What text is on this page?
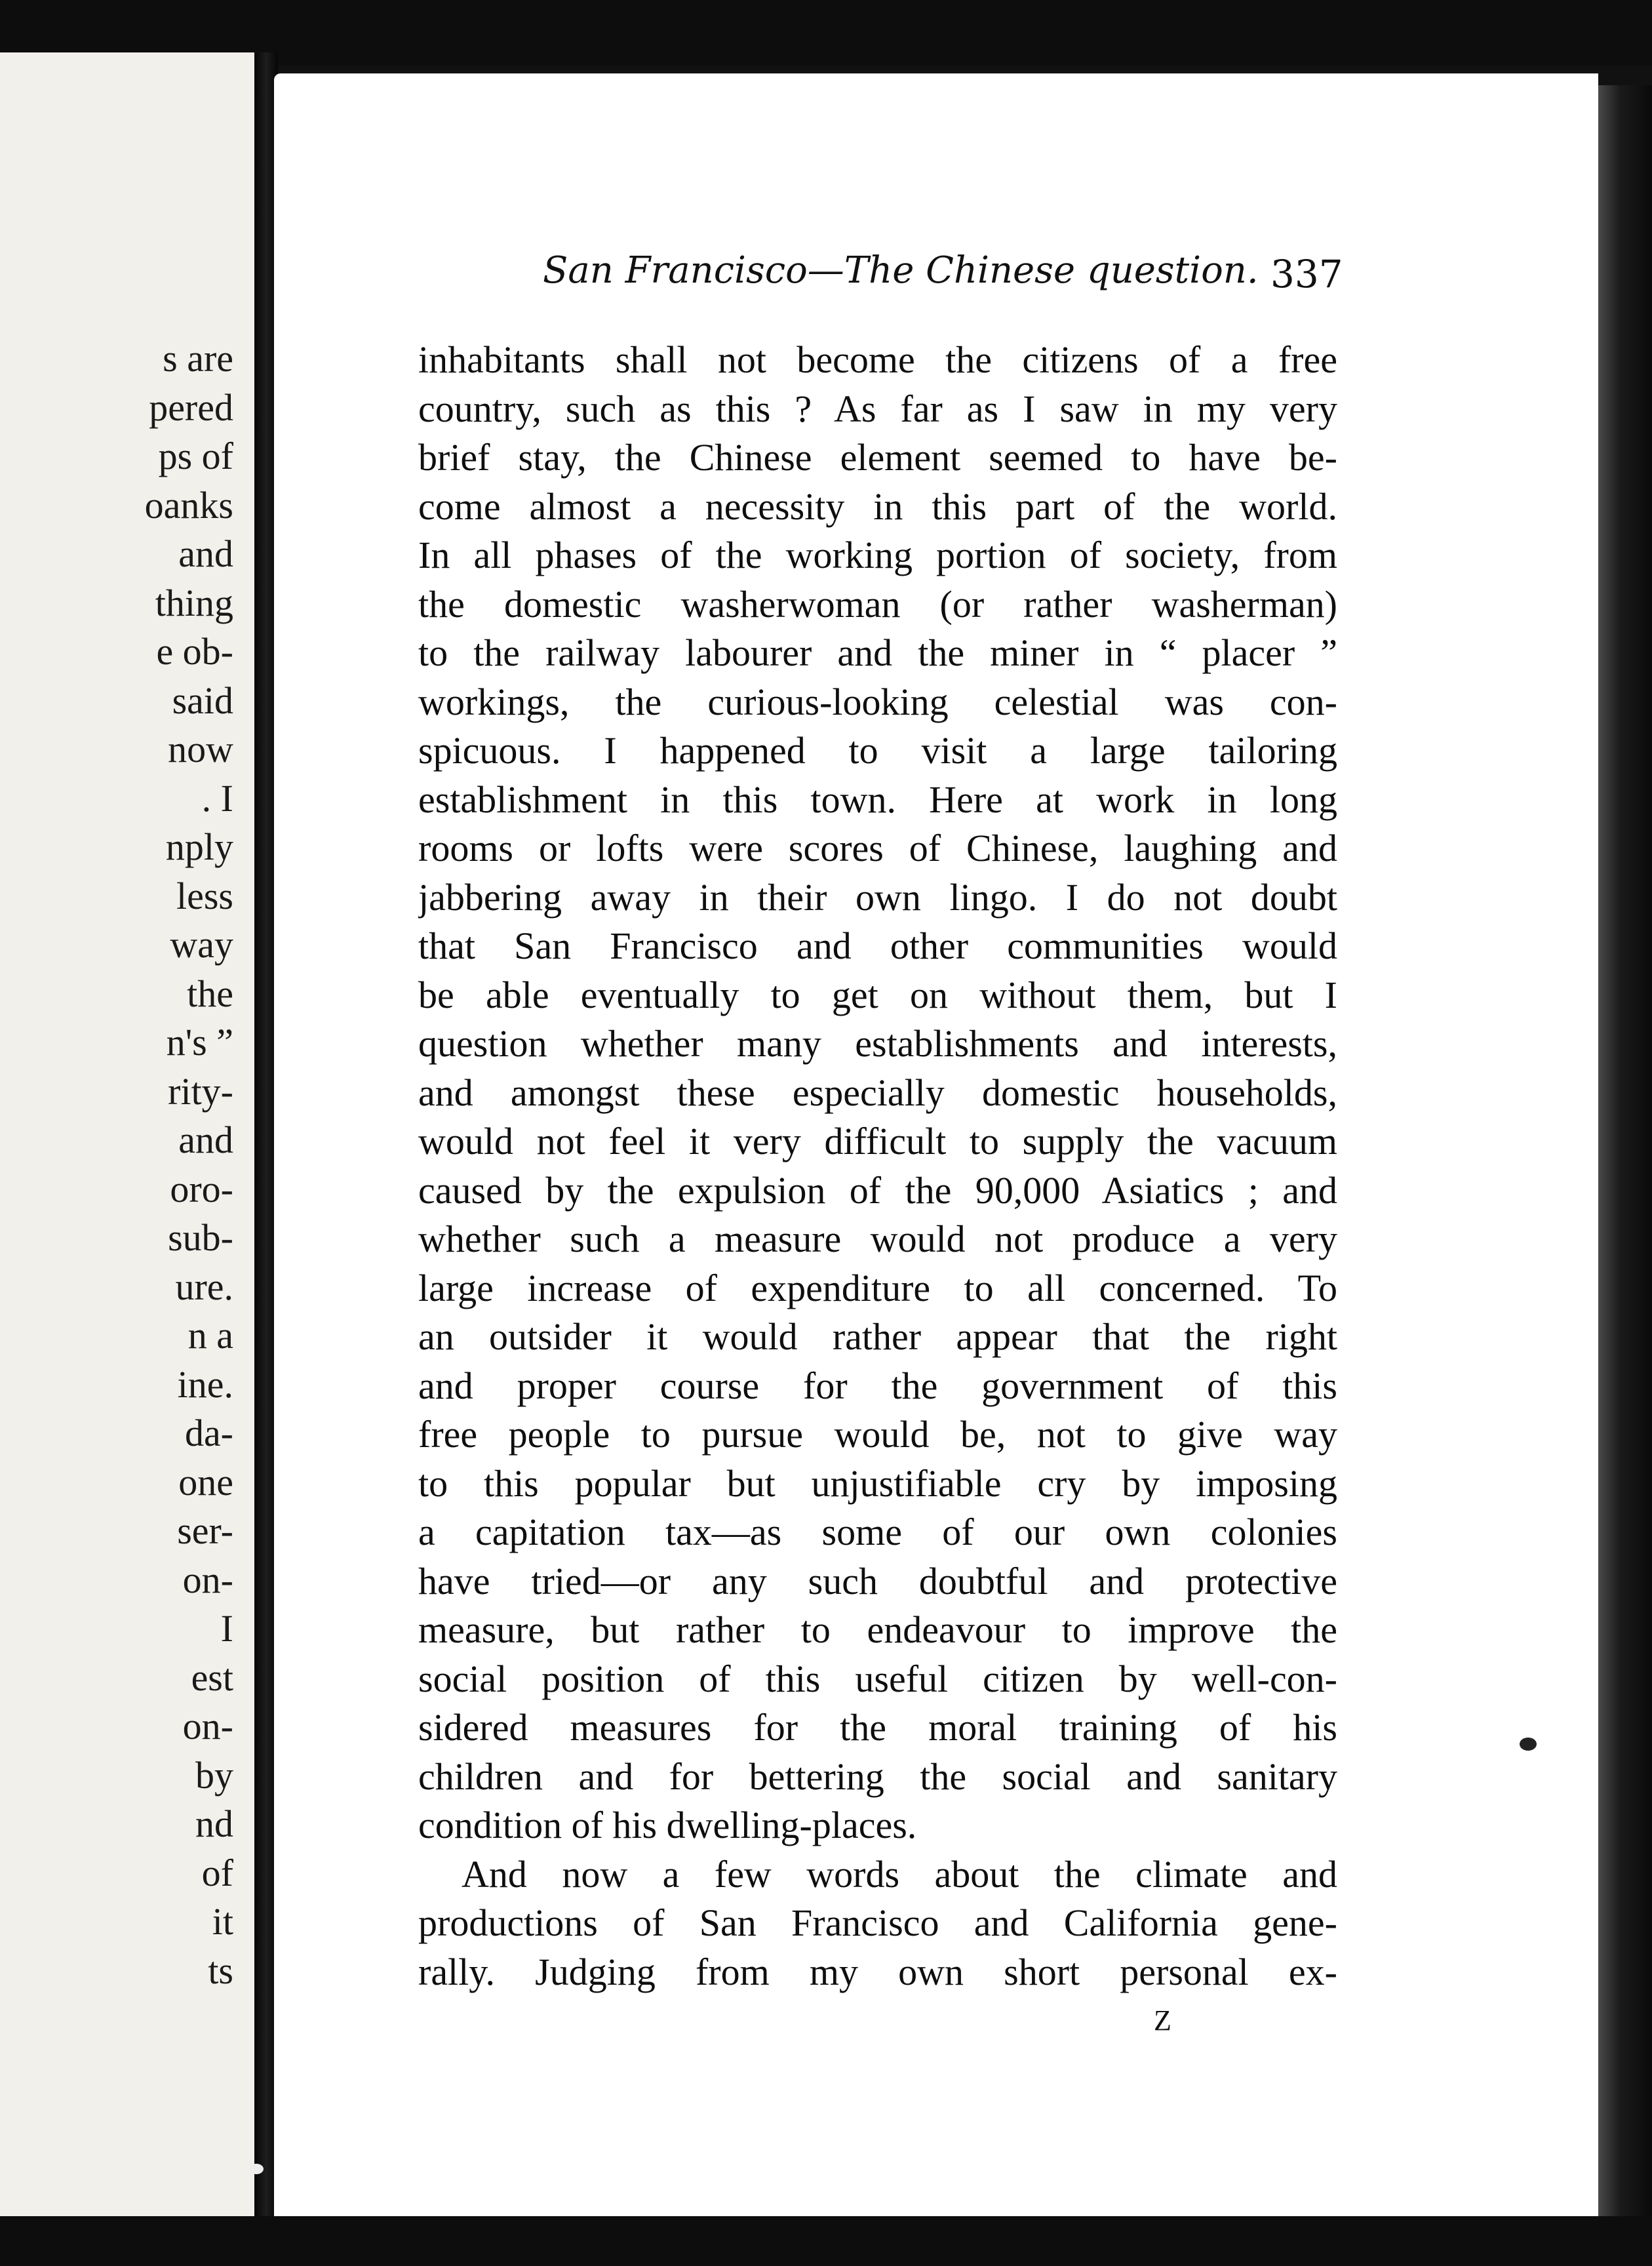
s are
pered
ps of
oanks
and
thing
e ob-
said
now
. I
nply
less
way
the
n's ”
rity-
and
oro-
sub-
ure.
n a
ine.
da-
one
ser-
on-
I
est
on-
by
nd
of
it
ts
San Francisco—The Chinese question. 337
inhabitants shall not become the citizens of a free
country, such as this ? As far as I saw in my very
brief stay, the Chinese element seemed to have be-
come almost a necessity in this part of the world.
In all phases of the working portion of society, from
the domestic washerwoman (or rather washerman)
to the railway labourer and the miner in “ placer ”
workings, the curious-looking celestial was con-
spicuous. I happened to visit a large tailoring
establishment in this town. Here at work in long
rooms or lofts were scores of Chinese, laughing and
jabbering away in their own lingo. I do not doubt
that San Francisco and other communities would
be able eventually to get on without them, but I
question whether many establishments and interests,
and amongst these especially domestic households,
would not feel it very difficult to supply the vacuum
caused by the expulsion of the 90,000 Asiatics ; and
whether such a measure would not produce a very
large increase of expenditure to all concerned. To
an outsider it would rather appear that the right
and proper course for the government of this
free people to pursue would be, not to give way
to this popular but unjustifiable cry by imposing
a capitation tax—as some of our own colonies
have tried—or any such doubtful and protective
measure, but rather to endeavour to improve the
social position of this useful citizen by well-con-
sidered measures for the moral training of his
children and for bettering the social and sanitary
condition of his dwelling-places.
And now a few words about the climate and
productions of San Francisco and California gene-
rally. Judging from my own short personal ex-
Z
